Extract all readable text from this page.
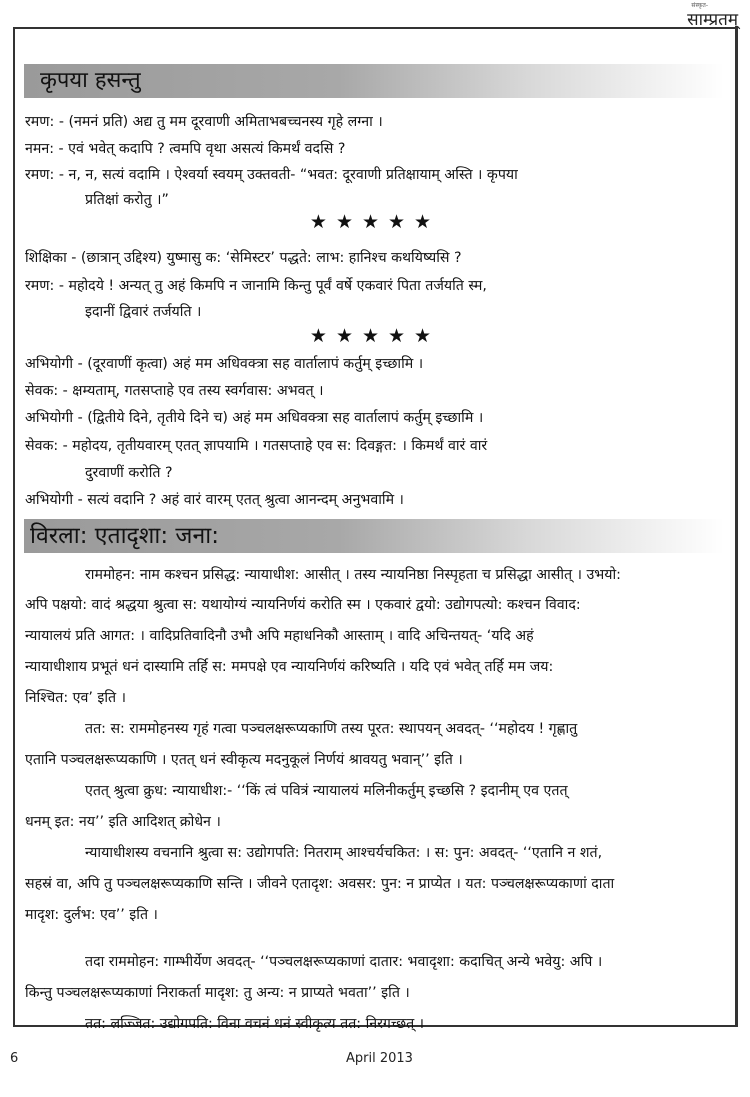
संस्कृत-
साम्प्रतम्
कृपया हसन्तु
रमण: - (नमनं प्रति) अद्य तु मम दूरवाणी अमिताभबच्चनस्य गृहे लग्ना ।
नमन: - एवं भवेत् कदापि ? त्वमपि वृथा असत्यं किमर्थं वदसि ?
रमण: - न, न, सत्यं वदामि । ऐश्वर्या स्वयम् उक्तवती- “भवत: दूरवाणी प्रतिक्षायाम् अस्ति । कृपया
प्रतिक्षां करोतु ।”
★★★★★
शिक्षिका - (छात्रान् उद्दिश्य) युष्मासु क: ‘सेमिस्टर’ पद्धते: लाभ: हानिश्च कथयिष्यसि ?
रमण: - महोदये ! अन्यत् तु अहं किमपि न जानामि किन्तु पूर्वं वर्षे एकवारं पिता तर्जयति स्म,
इदानीं द्विवारं तर्जयति ।
★★★★★
अभियोगी - (दूरवाणीं कृत्वा) अहं मम अधिवक्त्रा सह वार्तालापं कर्तुम् इच्छामि ।
सेवक: - क्षम्यताम्, गतसप्ताहे एव तस्य स्वर्गवास: अभवत् ।
अभियोगी - (द्वितीये दिने, तृतीये दिने च) अहं मम अधिवक्त्रा सह वार्तालापं कर्तुम् इच्छामि ।
सेवक: - महोदय, तृतीयवारम् एतत् ज्ञापयामि । गतसप्ताहे एव स: दिवङ्गत: । किमर्थं वारं वारं
दुरवाणीं करोति ?
अभियोगी - सत्यं वदानि ? अहं वारं वारम् एतत् श्रुत्वा आनन्दम् अनुभवामि ।
विरला: एतादृशा: जना:
राममोहन: नाम कश्चन प्रसिद्ध: न्यायाधीश: आसीत् । तस्य न्यायनिष्ठा निस्पृहता च प्रसिद्धा आसीत् । उभयो:
अपि पक्षयो: वादं श्रद्धया श्रुत्वा स: यथायोग्यं न्यायनिर्णयं करोति स्म । एकवारं द्वयो: उद्योगपत्यो: कश्चन विवाद:
न्यायालयं प्रति आगत: । वादिप्रतिवादिनौ उभौ अपि महाधनिकौ आस्ताम् । वादि अचिन्तयत्- ‘यदि अहं
न्यायाधीशाय प्रभूतं धनं दास्यामि तर्हि स: ममपक्षे एव न्यायनिर्णयं करिष्यति । यदि एवं भवेत् तर्हि मम जय:
निश्चित: एव’ इति ।
तत: स: राममोहनस्य गृहं गत्वा पञ्चलक्षरूप्यकाणि तस्य पूरत: स्थापयन् अवदत्- ‘‘महोदय ! गृह्णातु
एतानि पञ्चलक्षरूप्यकाणि । एतत् धनं स्वीकृत्य मदनुकूलं निर्णयं श्रावयतु भवान्’’ इति ।
एतत् श्रुत्वा क्रुध: न्यायाधीश:- ‘‘किं त्वं पवित्रं न्यायालयं मलिनीकर्तुम् इच्छसि ? इदानीम् एव एतत्
धनम् इत: नय’’ इति आदिशत् क्रोधेन ।
न्यायाधीशस्य वचनानि श्रुत्वा स: उद्योगपति: नितराम् आश्चर्यचकित: । स: पुन: अवदत्- ‘‘एतानि न शतं,
सहस्रं वा, अपि तु पञ्चलक्षरूप्यकाणि सन्ति । जीवने एतादृश: अवसर: पुन: न प्राप्येत । यत: पञ्चलक्षरूप्यकाणां दाता
मादृश: दुर्लभ: एव’’ इति ।
तदा राममोहन: गाम्भीर्येण अवदत्- ‘‘पञ्चलक्षरूप्यकाणां दातार: भवादृशा: कदाचित् अन्ये भवेयु: अपि ।
किन्तु पञ्चलक्षरूप्यकाणां निराकर्ता मादृश: तु अन्य: न प्राप्यते भवता’’ इति ।
तत: लज्जित: उद्योगपति: विना वचनं धनं स्वीकृत्य तत: निरगच्छत् ।
6	April 2013
